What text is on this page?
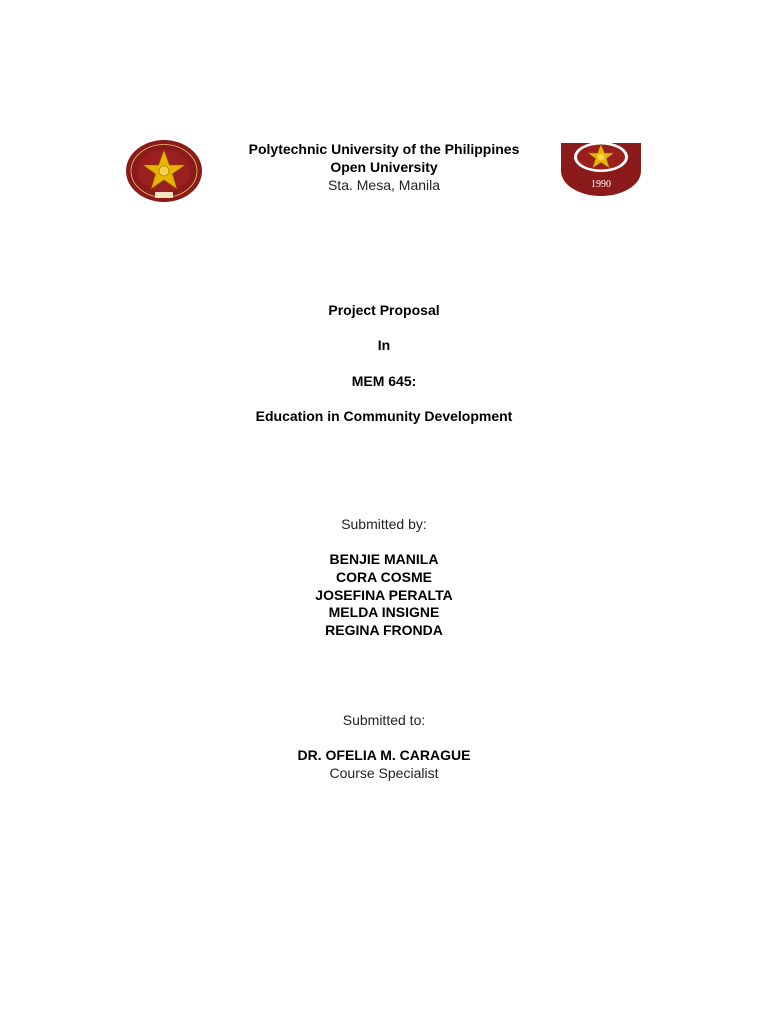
1990
Polytechnic University of the Philippines
Open University
Sta. Mesa, Manila
Project Proposal
In
MEM 645:
Education in Community Development
Submitted by:
BENJIE MANILA
CORA COSME
JOSEFINA PERALTA
MELDA INSIGNE
REGINA FRONDA
Submitted to:
DR. OFELIA M. CARAGUE
Course Specialist
